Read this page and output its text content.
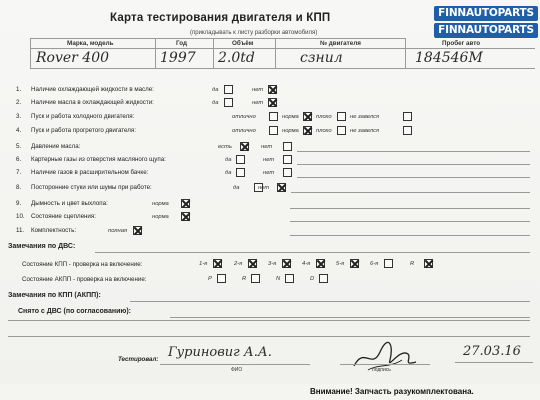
Карта тестирования двигателя и КПП
(прикладывать к листу разборки автомобиля)
FINNAUTOPARTS
FINNAUTOPARTS
Марка, модель	Год	Объём	№ двигателя	Пробег авто
Rover 400	1997 2.0td	сзнил	184546М
1. Наличие охлаждающей жидкости в масле:	да	нет
2. Наличие масла в охлаждающей жидкости:	да	нет
3. Пуск и работа холодного двигателя:	отлично	норма	плохо	не завелся
4. Пуск и работа прогретого двигателя:	отлично	норма	плохо	не завелся
5. Давление масла:	есть	нет
6. Картерные газы из отверстия масляного щупа:	да	нет
7. Наличие газов в расширительном бачке:	да	нет
8. Посторонние стуки или шумы при работе:	да	нет
9. Дымность и цвет выхлопа:	норма
10. Состояние сцепления:	норма
11. Комплектность:	полная
Замечания по ДВС:
Состояние КПП - проверка на включение:	1-я	2-я	3-я	4-я	5-я	6-я	R
Состояние АКПП - проверка на включение:	P	R	N	D
Замечания по КПП (АКПП):
Снято с ДВС (по согласованию):
Тестировал: Гуриновиг А.А.
ФИО	подпись
27.03.16
Внимание! Запчасть разукомплектована.
